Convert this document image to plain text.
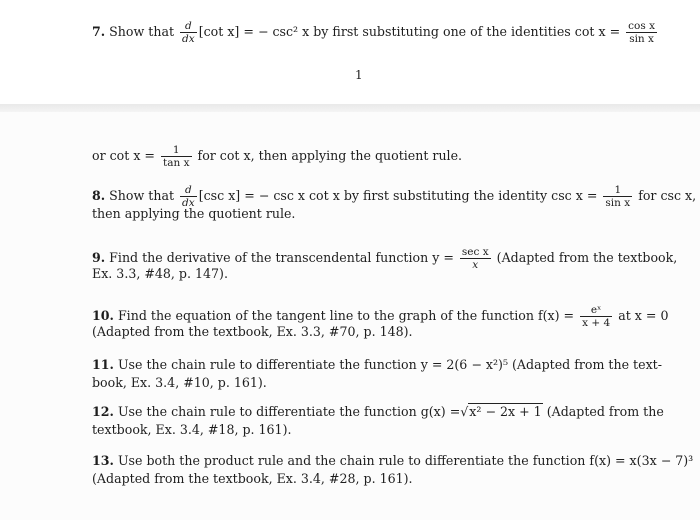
7. Show that $\frac{d}{dx} [\cot$ x] = − csc² x by first substituting one of the identities $\cot x = \frac{\text{cos x}}{\text{sin x}}$
1
or $\cot x = \frac{1}{\text{tan x}}$ for cot x, then applying the quotient rule.
8. Show that $\frac{d}{dx} [\csc$ x] = − csc x cot x by first substituting the identity $\csc x = \frac{1}{\text{sin x}}$ for csc x,
then applying the quotient rule.
9. Find the derivative of the transcendental function $y = \frac{\text{sec x}}{x}$ (Adapted from the textbook,
Ex. 3.3, #48, p. 147).
10. Find the equation of the tangent line to the graph of the function $f(x) = \frac{\text{eˣ}}{x + 4}$ at x = 0
(Adapted from the textbook, Ex. 3.3, #70, p. 148).
11. Use the chain rule to differentiate the function y = 2(6 − x²)⁵ (Adapted from the text-
book, Ex. 3.4, #10, p. 161).
12. Use the chain rule to differentiate the function g(x) =√x² − 2x + 1 (Adapted from the
textbook, Ex. 3.4, #18, p. 161).
13. Use both the product rule and the chain rule to differentiate the function f(x) = x(3x − 7)³
(Adapted from the textbook, Ex. 3.4, #28, p. 161).
